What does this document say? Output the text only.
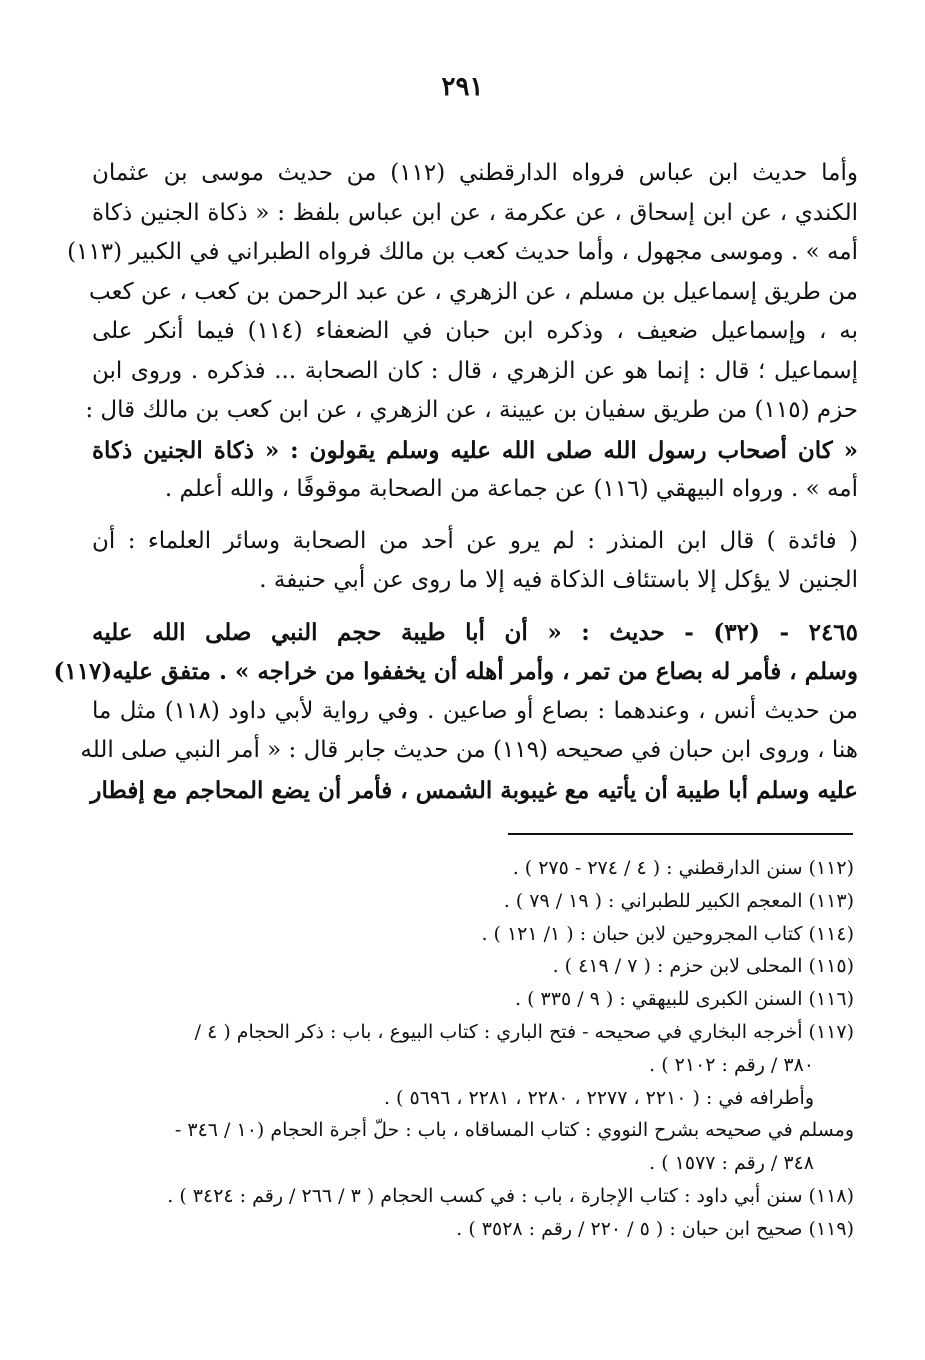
٢٩١
وأما حديث ابن عباس فرواه الدارقطني (١١٢) من حديث موسى بن عثمان
الكندي ، عن ابن إسحاق ، عن عكرمة ، عن ابن عباس بلفظ : « ذكاة الجنين ذكاة
أمه » . وموسى مجهول ، وأما حديث كعب بن مالك فرواه الطبراني في الكبير (١١٣)
من طريق إسماعيل بن مسلم ، عن الزهري ، عن عبد الرحمن بن كعب ، عن كعب
به ، وإسماعيل ضعيف ، وذكره ابن حبان في الضعفاء (١١٤) فيما أنكر على
إسماعيل ؛ قال : إنما هو عن الزهري ، قال : كان الصحابة ... فذكره . وروى ابن
حزم (١١٥) من طريق سفيان بن عيينة ، عن الزهري ، عن ابن كعب بن مالك قال :
« كان أصحاب رسول الله صلى الله عليه وسلم يقولون : « ذكاة الجنين ذكاة
أمه » . ورواه البيهقي (١١٦) عن جماعة من الصحابة موقوفًا ، والله أعلم .
( فائدة ) قال ابن المنذر : لم يرو عن أحد من الصحابة وسائر العلماء : أن
الجنين لا يؤكل إلا باستئاف الذكاة فيه إلا ما روى عن أبي حنيفة .
٢٤٦٥ - (٣٢) - حديث : « أن أبا طيبة حجم النبي صلى الله عليه
وسلم ، فأمر له بصاع من تمر ، وأمر أهله أن يخففوا من خراجه » . متفق عليه(١١٧)
من حديث أنس ، وعندهما : بصاع أو صاعين . وفي رواية لأبي داود (١١٨) مثل ما
هنا ، وروى ابن حبان في صحيحه (١١٩) من حديث جابر قال : « أمر النبي صلى الله
عليه وسلم أبا طيبة أن يأتيه مع غيبوبة الشمس ، فأمر أن يضع المحاجم مع إفطار
(١١٢) سنن الدارقطني : ( ٤ / ٢٧٤ - ٢٧٥ ) .
(١١٣) المعجم الكبير للطبراني : ( ١٩ / ٧٩ ) .
(١١٤) كتاب المجروحين لابن حبان : ( ١/ ١٢١ ) .
(١١٥) المحلى لابن حزم : ( ٧ / ٤١٩ ) .
(١١٦) السنن الكبرى للبيهقي : ( ٩ / ٣٣٥ ) .
(١١٧) أخرجه البخاري في صحيحه - فتح الباري : كتاب البيوع ، باب : ذكر الحجام ( ٤ /
٣٨٠ / رقم : ٢١٠٢ ) .
وأطرافه في : ( ٢٢١٠ ، ٢٢٧٧ ، ٢٢٨٠ ، ٢٢٨١ ، ٥٦٩٦ ) .
ومسلم في صحيحه بشرح النووي : كتاب المساقاه ، باب : حلّ أجرة الحجام (١٠ / ٣٤٦ -
٣٤٨ / رقم : ١٥٧٧ ) .
(١١٨) سنن أبي داود : كتاب الإجارة ، باب : في كسب الحجام ( ٣ / ٢٦٦ / رقم : ٣٤٢٤ ) .
(١١٩) صحيح ابن حبان : ( ٥ / ٢٢٠ / رقم : ٣٥٢٨ ) .
